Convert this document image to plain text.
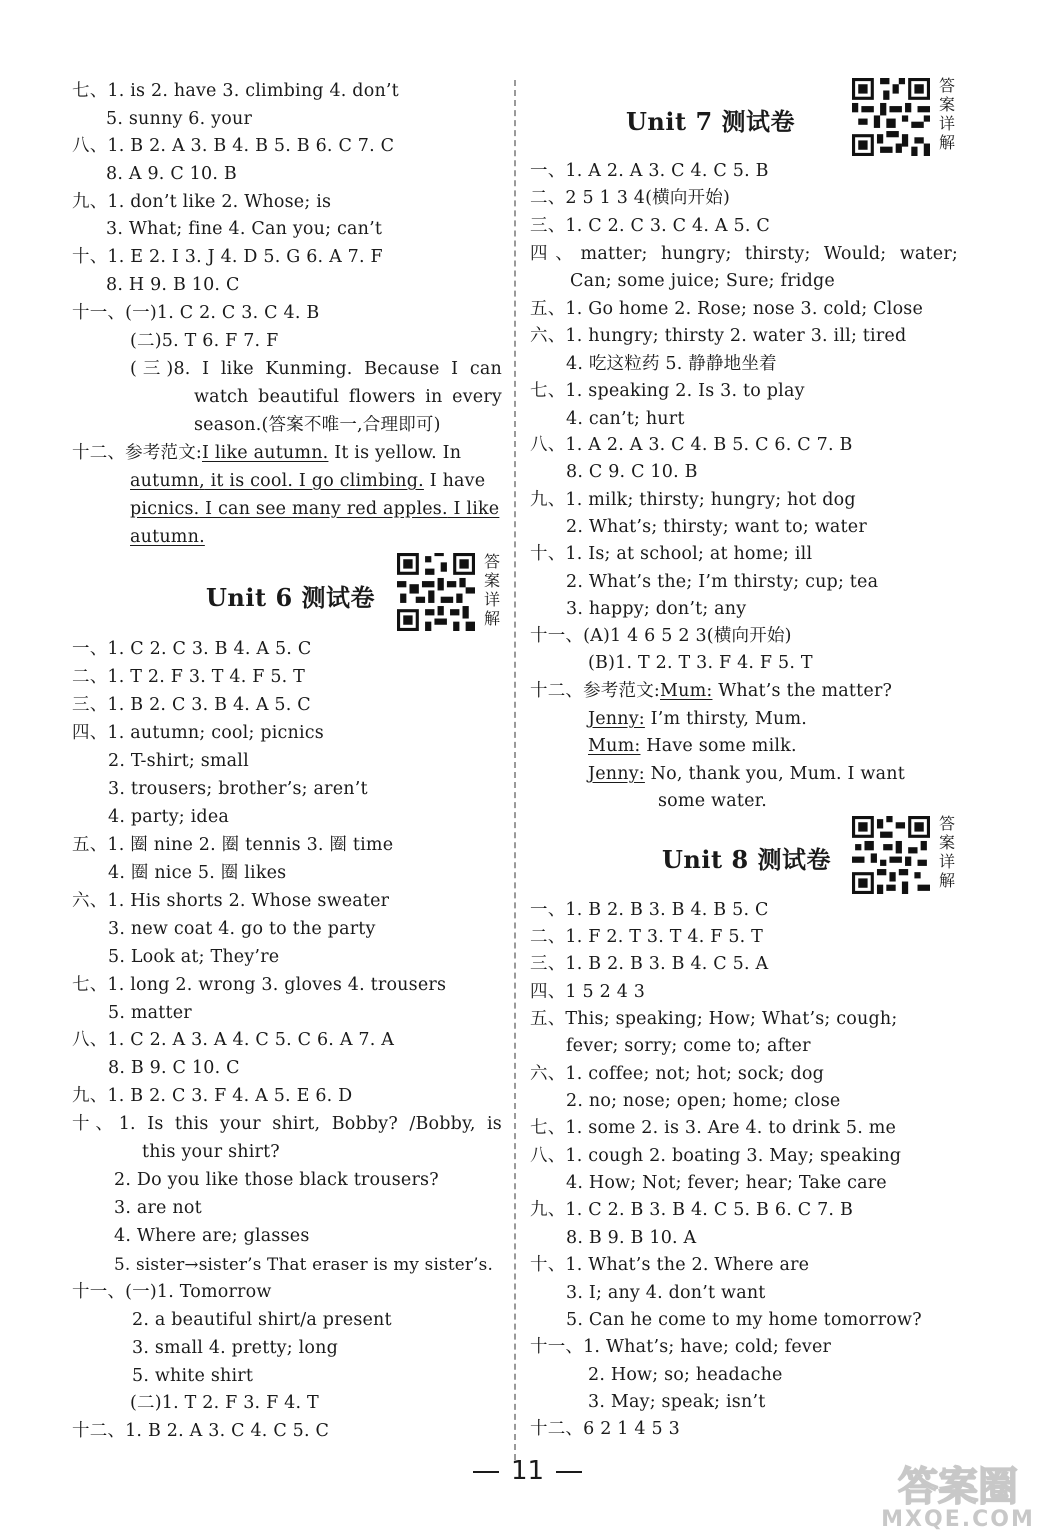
七、1. is 2. have 3. climbing 4. don’t
5. sunny 6. your
八、1. B 2. A 3. B 4. B 5. B 6. C 7. C
8. A 9. C 10. B
九、1. don’t like 2. Whose; is
3. What; fine 4. Can you; can’t
十、1. E 2. I 3. J 4. D 5. G 6. A 7. F
8. H 9. B 10. C
十一、(一)1. C 2. C 3. C 4. B
(二)5. T 6. F 7. F
(三)8. I like Kunming. Because I can
watch beautiful flowers in every
season.(答案不唯一,合理即可)
十二、参考范文:I like autumn. It is yellow. In
autumn, it is cool. I go climbing. I have
picnics. I can see many red apples. I like
autumn.
Unit 6 测试卷
答案详解
一、1. C 2. C 3. B 4. A 5. C
二、1. T 2. F 3. T 4. F 5. T
三、1. B 2. C 3. B 4. A 5. C
四、1. autumn; cool; picnics
2. T-shirt; small
3. trousers; brother’s; aren’t
4. party; idea
五、1. 圈 nine 2. 圈 tennis 3. 圈 time
4. 圈 nice 5. 圈 likes
六、1. His shorts 2. Whose sweater
3. new coat 4. go to the party
5. Look at; They’re
七、1. long 2. wrong 3. gloves 4. trousers
5. matter
八、1. C 2. A 3. A 4. C 5. C 6. A 7. A
8. B 9. C 10. C
九、1. B 2. C 3. F 4. A 5. E 6. D
十、1. Is this your shirt, Bobby? /Bobby, is
this your shirt?
2. Do you like those black trousers?
3. are not
4. Where are; glasses
5. sister→sister’s That eraser is my sister’s.
十一、(一)1. Tomorrow
2. a beautiful shirt/a present
3. small 4. pretty; long
5. white shirt
(二)1. T 2. F 3. F 4. T
十二、1. B 2. A 3. C 4. C 5. C
Unit 7 测试卷
答案详解
一、1. A 2. A 3. C 4. C 5. B
二、2 5 1 3 4(横向开始)
三、1. C 2. C 3. C 4. A 5. C
四、matter; hungry; thirsty; Would; water;
Can; some juice; Sure; fridge
五、1. Go home 2. Rose; nose 3. cold; Close
六、1. hungry; thirsty 2. water 3. ill; tired
4. 吃这粒药 5. 静静地坐着
七、1. speaking 2. Is 3. to play
4. can’t; hurt
八、1. A 2. A 3. C 4. B 5. C 6. C 7. B
8. C 9. C 10. B
九、1. milk; thirsty; hungry; hot dog
2. What’s; thirsty; want to; water
十、1. Is; at school; at home; ill
2. What’s the; I’m thirsty; cup; tea
3. happy; don’t; any
十一、(A)1 4 6 5 2 3(横向开始)
(B)1. T 2. T 3. F 4. F 5. T
十二、参考范文:Mum: What’s the matter?
Jenny: I’m thirsty, Mum.
Mum: Have some milk.
Jenny: No, thank you, Mum. I want
some water.
Unit 8 测试卷
答案详解
一、1. B 2. B 3. B 4. B 5. C
二、1. F 2. T 3. T 4. F 5. T
三、1. B 2. B 3. B 4. C 5. A
四、1 5 2 4 3
五、This; speaking; How; What’s; cough;
fever; sorry; come to; after
六、1. coffee; not; hot; sock; dog
2. no; nose; open; home; close
七、1. some 2. is 3. Are 4. to drink 5. me
八、1. cough 2. boating 3. May; speaking
4. How; Not; fever; hear; Take care
九、1. C 2. B 3. B 4. C 5. B 6. C 7. B
8. B 9. B 10. A
十、1. What’s the 2. Where are
3. I; any 4. don’t want
5. Can he come to my home tomorrow?
十一、1. What’s; have; cold; fever
2. How; so; headache
3. May; speak; isn’t
十二、6 2 1 4 5 3
11	答案圈
MXQE.COM
